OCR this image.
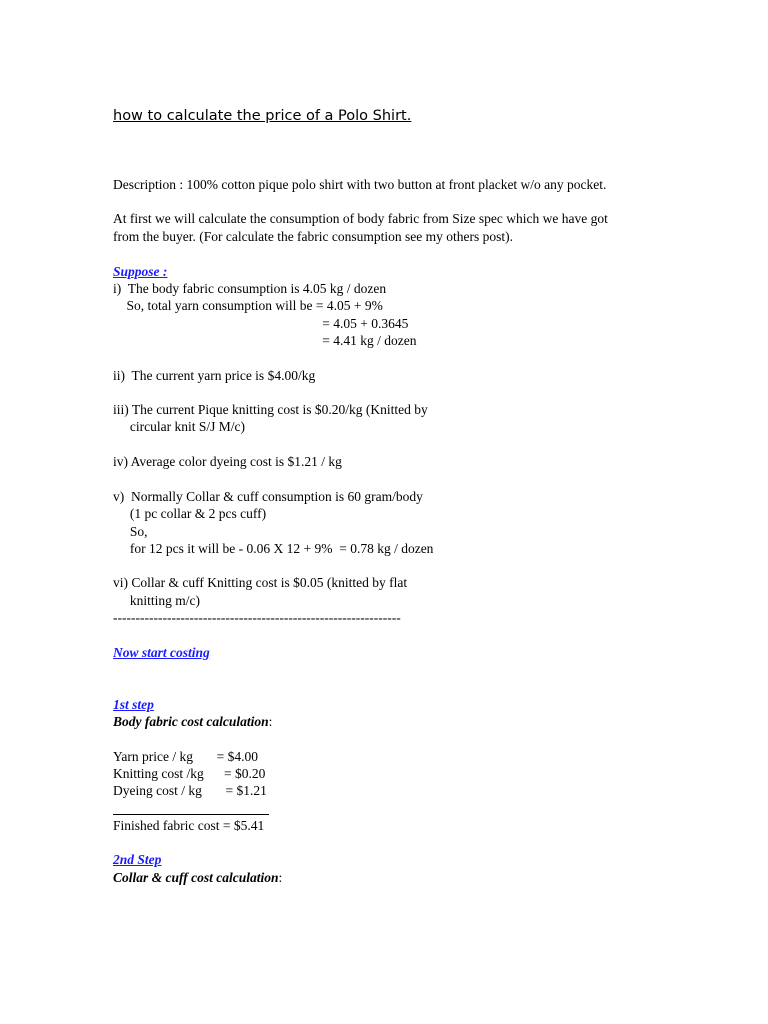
how to calculate the price of a Polo Shirt.

Description : 100% cotton pique polo shirt with two button at front placket w/o any pocket.

At first we will calculate the consumption of body fabric from Size spec which we have got

from the buyer. (For calculate the fabric consumption see my others post).

Suppose :

i)  The body fabric consumption is 4.05 kg / dozen

So, total yarn consumption will be = 4.05 + 9%

= 4.05 + 0.3645

= 4.41 kg / dozen

ii)  The current yarn price is $4.00/kg

iii) The current Pique knitting cost is $0.20/kg (Knitted by

circular knit S/J M/c)

iv) Average color dyeing cost is $1.21 / kg

v)  Normally Collar & cuff consumption is 60 gram/body

(1 pc collar & 2 pcs cuff)

So,

for 12 pcs it will be - 0.06 X 12 + 9%  = 0.78 kg / dozen

vi) Collar & cuff Knitting cost is $0.05 (knitted by flat

knitting m/c)

----------------------------------------------------------------

Now start costing

1st step

Body fabric cost calculation:

Yarn price / kg       = $4.00

Knitting cost /kg      = $0.20

Dyeing cost / kg       = $1.21

Finished fabric cost = $5.41

2nd Step

Collar & cuff cost calculation:
